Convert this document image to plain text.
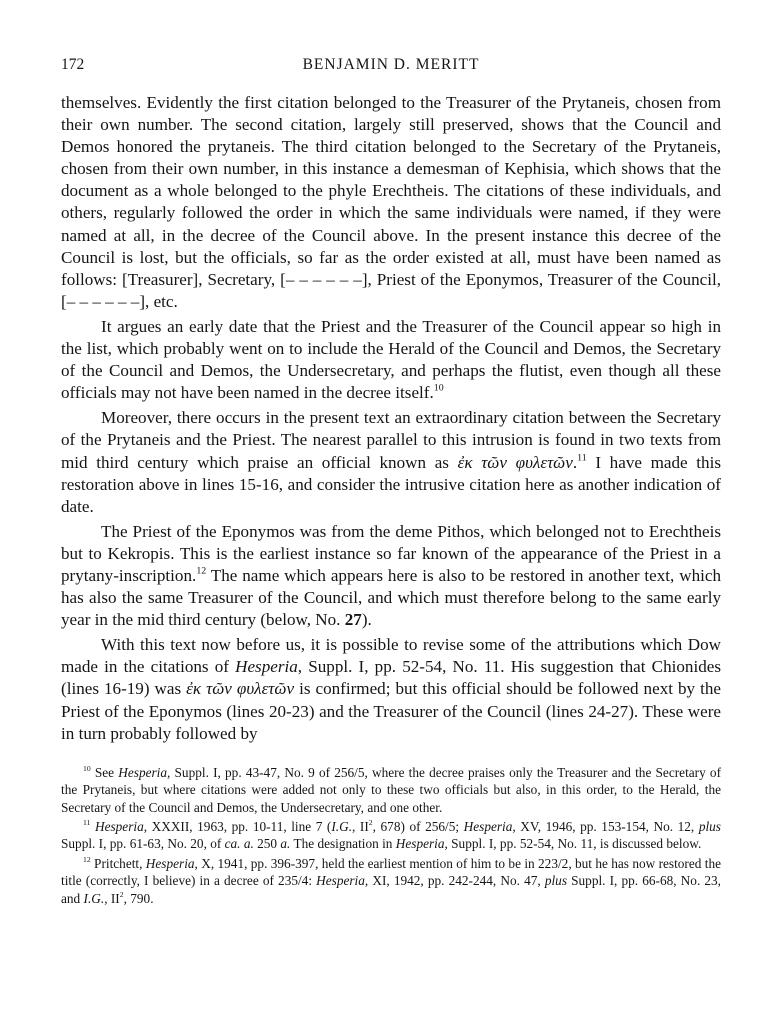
172	BENJAMIN D. MERITT

themselves. Evidently the first citation belonged to the Treasurer of the Prytaneis, chosen from their own number. The second citation, largely still preserved, shows that the Council and Demos honored the prytaneis. The third citation belonged to the Secretary of the Prytaneis, chosen from their own number, in this instance a demesman of Kephisia, which shows that the document as a whole belonged to the phyle Erechtheis. The citations of these individuals, and others, regularly followed the order in which the same individuals were named, if they were named at all, in the decree of the Council above. In the present instance this decree of the Council is lost, but the officials, so far as the order existed at all, must have been named as follows: [Treasurer], Secretary, [– – – – – –], Priest of the Eponymos, Treasurer of the Council, [– – – – – –], etc.

It argues an early date that the Priest and the Treasurer of the Council appear so high in the list, which probably went on to include the Herald of the Council and Demos, the Secretary of the Council and Demos, the Undersecretary, and perhaps the flutist, even though all these officials may not have been named in the decree itself.$^{10}$

Moreover, there occurs in the present text an extraordinary citation between the Secretary of the Prytaneis and the Priest. The nearest parallel to this intrusion is found in two texts from mid third century which praise an official known as ἐκ τῶν φυλετῶν.$^{11}$ I have made this restoration above in lines 15-16, and consider the intrusive citation here as another indication of date.

The Priest of the Eponymos was from the deme Pithos, which belonged not to Erechtheis but to Kekropis. This is the earliest instance so far known of the appearance of the Priest in a prytany-inscription.$^{12}$ The name which appears here is also to be restored in another text, which has also the same Treasurer of the Council, and which must therefore belong to the same early year in the mid third century (below, No. 27).

With this text now before us, it is possible to revise some of the attributions which Dow made in the citations of Hesperia, Suppl. I, pp. 52-54, No. 11. His suggestion that Chionides (lines 16-19) was ἐκ τῶν φυλετῶν is confirmed; but this official should be followed next by the Priest of the Eponymos (lines 20-23) and the Treasurer of the Council (lines 24-27). These were in turn probably followed by

$^{10}$ See Hesperia, Suppl. I, pp. 43-47, No. 9 of 256/5, where the decree praises only the Treasurer and the Secretary of the Prytaneis, but where citations were added not only to these two officials but also, in this order, to the Herald, the Secretary of the Council and Demos, the Undersecretary, and one other.

$^{11}$ Hesperia, XXXII, 1963, pp. 10-11, line 7 (I.G., $II^2$, 678) of 256/5; Hesperia, XV, 1946, pp. 153-154, No. 12, plus Suppl. I, pp. 61-63, No. 20, of ca. a. 250 a. The designation in Hesperia, Suppl. I, pp. 52-54, No. 11, is discussed below.

$^{12}$ Pritchett, Hesperia, X, 1941, pp. 396-397, held the earliest mention of him to be in 223/2, but he has now restored the title (correctly, I believe) in a decree of 235/4: Hesperia, XI, 1942, pp. 242-244, No. 47, plus Suppl. I, pp. 66-68, No. 23, and I.G., $II^2$, 790.
